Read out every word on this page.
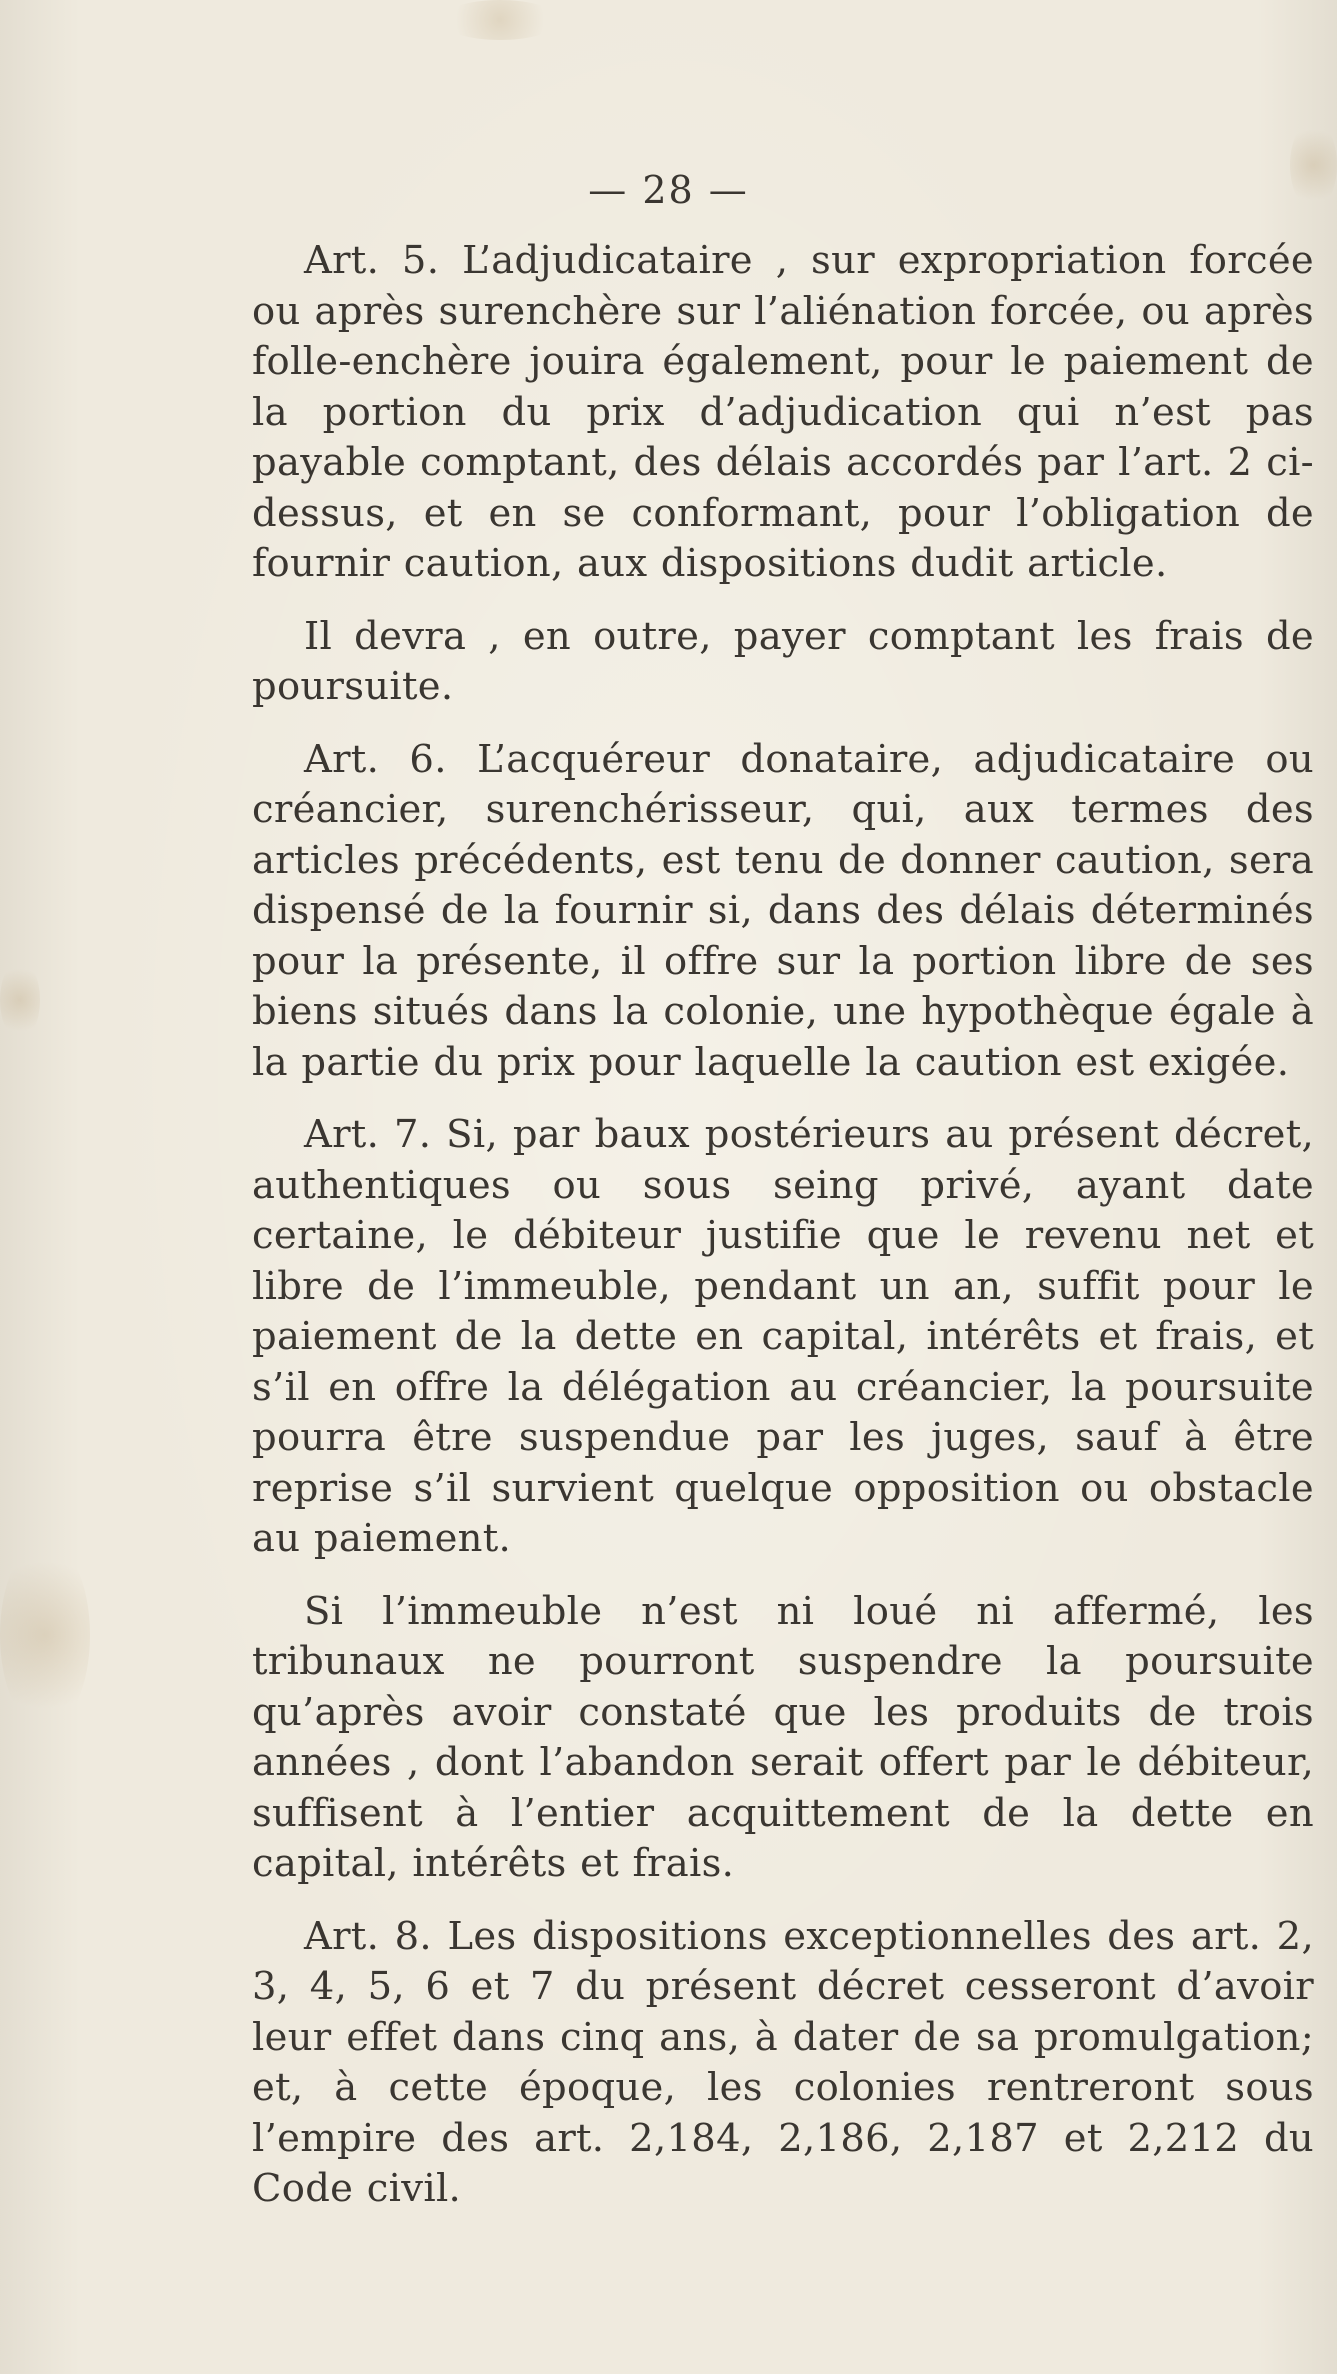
— 28 —

Art. 5. L’adjudicataire , sur expropriation forcée ou après surenchère sur l’aliénation forcée, ou après folle-enchère jouira également, pour le paiement de la portion du prix d’adjudication qui n’est pas payable comptant, des délais accordés par l’art. 2 ci-dessus, et en se conformant, pour l’obligation de fournir caution, aux dispositions dudit article.

Il devra , en outre, payer comptant les frais de poursuite.

Art. 6. L’acquéreur donataire, adjudicataire ou créancier, surenchérisseur, qui, aux termes des articles précédents, est tenu de donner caution, sera dispensé de la fournir si, dans des délais déterminés pour la présente, il offre sur la portion libre de ses biens situés dans la colonie, une hypothèque égale à la partie du prix pour laquelle la caution est exigée.

Art. 7. Si, par baux postérieurs au présent décret, authentiques ou sous seing privé, ayant date certaine, le débiteur justifie que le revenu net et libre de l’immeuble, pendant un an, suffit pour le paiement de la dette en capital, intérêts et frais, et s’il en offre la délégation au créancier, la poursuite pourra être suspendue par les juges, sauf à être reprise s’il survient quelque opposition ou obstacle au paiement.

Si l’immeuble n’est ni loué ni affermé, les tribunaux ne pourront suspendre la poursuite qu’après avoir constaté que les produits de trois années , dont l’abandon serait offert par le débiteur, suffisent à l’entier acquittement de la dette en capital, intérêts et frais.

Art. 8. Les dispositions exceptionnelles des art. 2, 3, 4, 5, 6 et 7 du présent décret cesseront d’avoir leur effet dans cinq ans, à dater de sa promulgation; et, à cette époque, les colonies rentreront sous l’empire des art. 2,184, 2,186, 2,187 et 2,212 du Code civil.
